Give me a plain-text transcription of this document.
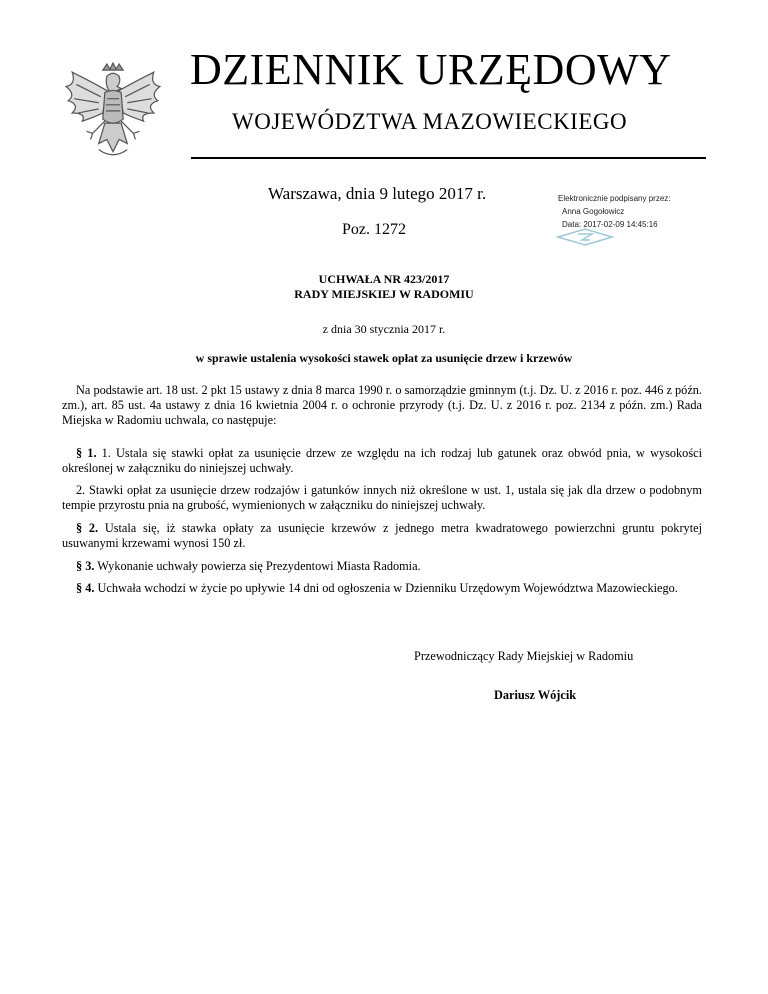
DZIENNIK URZĘDOWY
WOJEWÓDZTWA MAZOWIECKIEGO
Warszawa, dnia 9 lutego 2017 r.
Poz. 1272
Elektronicznie podpisany przez:
Anna Gogołowicz
Data: 2017-02-09 14:45:16
UCHWAŁA NR 423/2017
RADY MIEJSKIEJ W RADOMIU
z dnia 30 stycznia 2017 r.
w sprawie ustalenia wysokości stawek opłat za usunięcie drzew i krzewów

Na podstawie art. 18 ust. 2 pkt 15 ustawy z dnia 8 marca 1990 r. o samorządzie gminnym (t.j. Dz. U. z 2016 r. poz. 446 z późn. zm.), art. 85 ust. 4a ustawy z dnia 16 kwietnia 2004 r. o ochronie przyrody (t.j. Dz. U. z 2016 r. poz. 2134 z późn. zm.) Rada Miejska w Radomiu uchwala, co następuje:

§ 1. 1. Ustala się stawki opłat za usunięcie drzew ze względu na ich rodzaj lub gatunek oraz obwód pnia, w wysokości określonej w załączniku do niniejszej uchwały.

2. Stawki opłat za usunięcie drzew rodzajów i gatunków innych niż określone w ust. 1, ustala się jak dla drzew o podobnym tempie przyrostu pnia na grubość, wymienionych w załączniku do niniejszej uchwały.

§ 2. Ustala się, iż stawka opłaty za usunięcie krzewów z jednego metra kwadratowego powierzchni gruntu pokrytej usuwanymi krzewami wynosi 150 zł.

§ 3. Wykonanie uchwały powierza się Prezydentowi Miasta Radomia.

§ 4. Uchwała wchodzi w życie po upływie 14 dni od ogłoszenia w Dzienniku Urzędowym Województwa Mazowieckiego.

Przewodniczący Rady Miejskiej w Radomiu
Dariusz Wójcik
